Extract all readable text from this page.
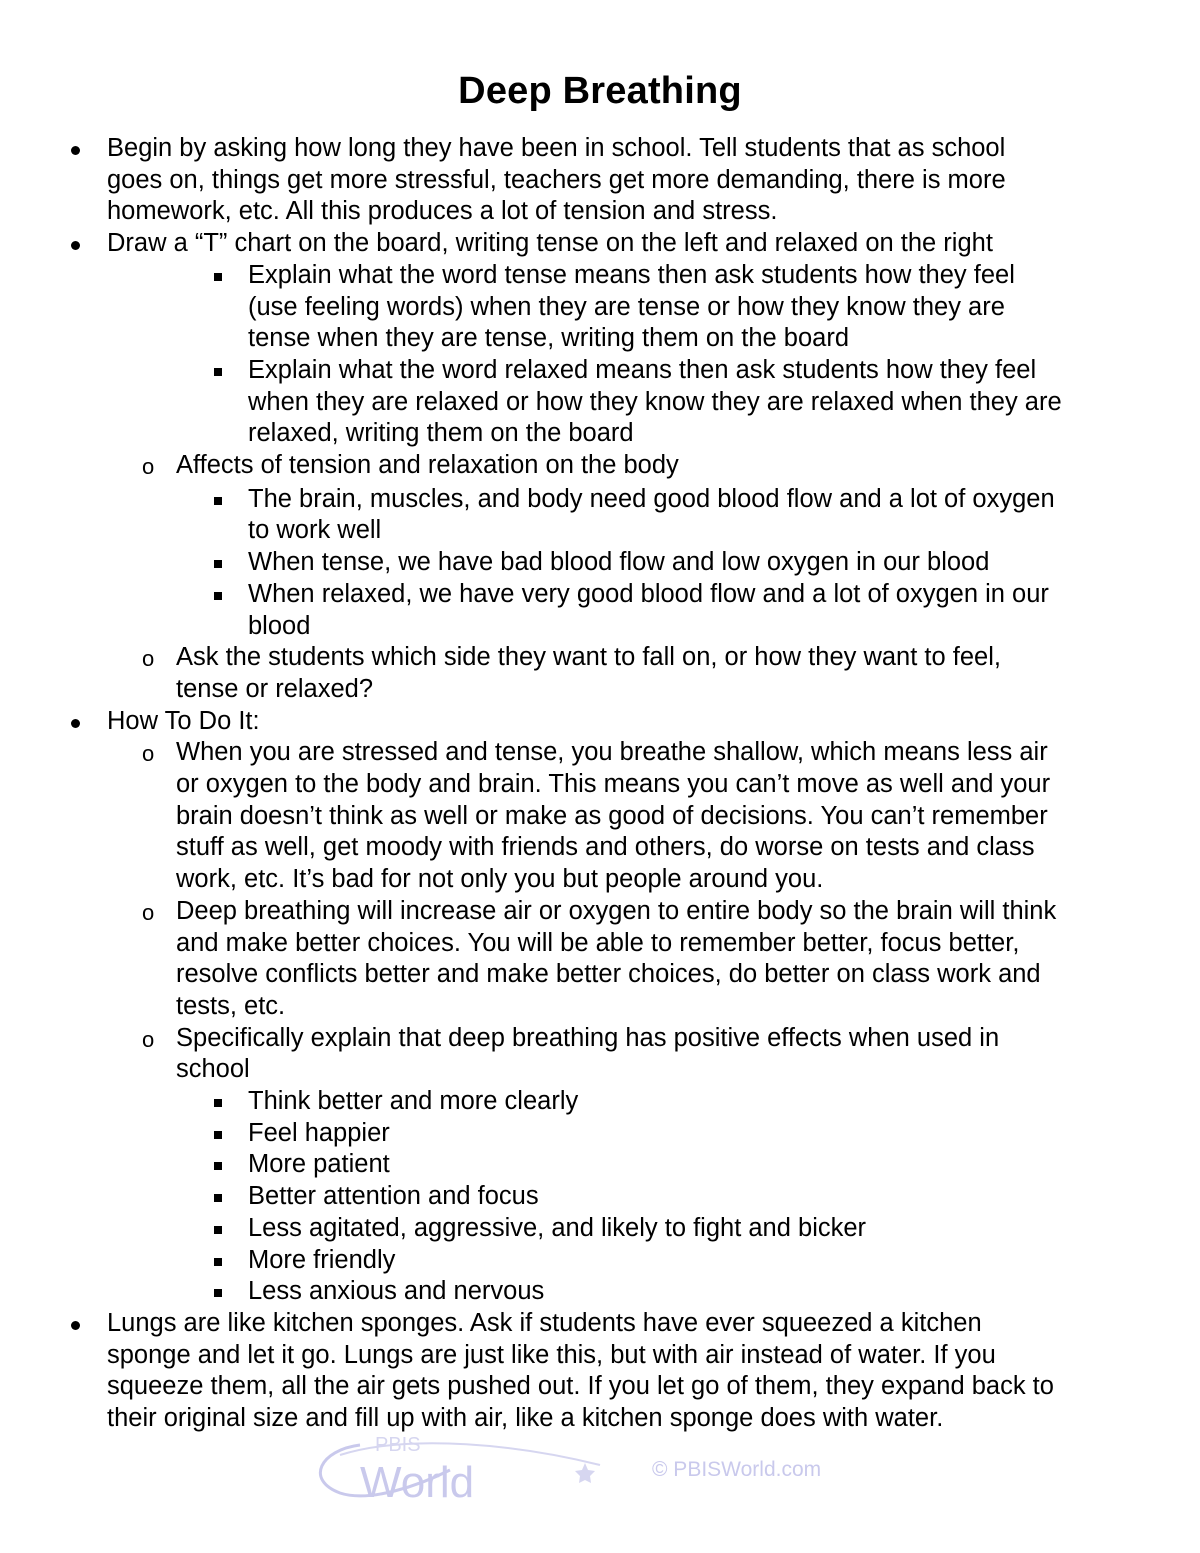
Deep Breathing
Begin by asking how long they have been in school. Tell students that as school
goes on, things get more stressful, teachers get more demanding, there is more
homework, etc. All this produces a lot of tension and stress.
Draw a “T” chart on the board, writing tense on the left and relaxed on the right
Explain what the word tense means then ask students how they feel
(use feeling words) when they are tense or how they know they are
tense when they are tense, writing them on the board
Explain what the word relaxed means then ask students how they feel
when they are relaxed or how they know they are relaxed when they are
relaxed, writing them on the board
o Affects of tension and relaxation on the body
The brain, muscles, and body need good blood flow and a lot of oxygen
to work well
When tense, we have bad blood flow and low oxygen in our blood
When relaxed, we have very good blood flow and a lot of oxygen in our
blood
o Ask the students which side they want to fall on, or how they want to feel,
tense or relaxed?
How To Do It:
o When you are stressed and tense, you breathe shallow, which means less air
or oxygen to the body and brain. This means you can’t move as well and your
brain doesn’t think as well or make as good of decisions. You can’t remember
stuff as well, get moody with friends and others, do worse on tests and class
work, etc. It’s bad for not only you but people around you.
o Deep breathing will increase air or oxygen to entire body so the brain will think
and make better choices. You will be able to remember better, focus better,
resolve conflicts better and make better choices, do better on class work and
tests, etc.
o Specifically explain that deep breathing has positive effects when used in
school
Think better and more clearly
Feel happier
More patient
Better attention and focus
Less agitated, aggressive, and likely to fight and bicker
More friendly
Less anxious and nervous
Lungs are like kitchen sponges. Ask if students have ever squeezed a kitchen
sponge and let it go. Lungs are just like this, but with air instead of water. If you
squeeze them, all the air gets pushed out. If you let go of them, they expand back to
their original size and fill up with air, like a kitchen sponge does with water.
PBIS
World	© PBISWorld.com
